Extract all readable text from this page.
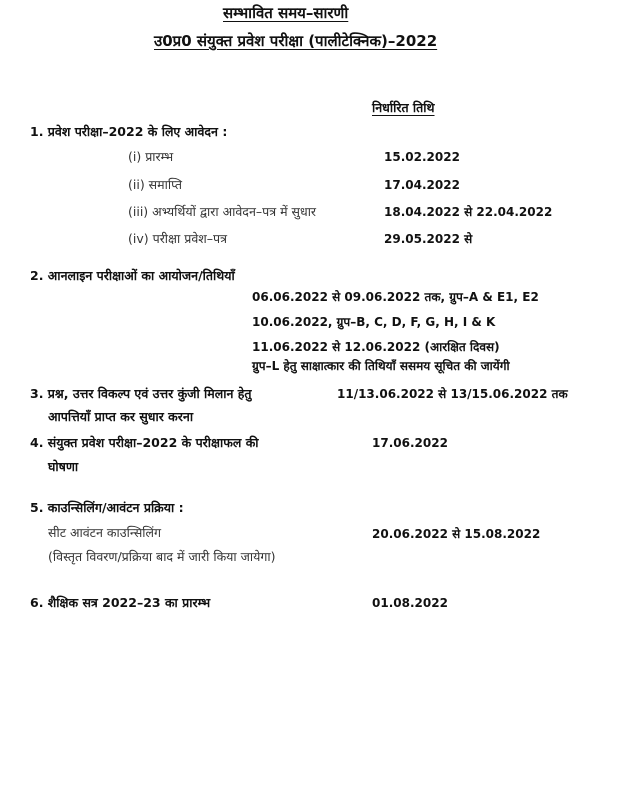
सम्भावित समय–सारणी
उ0प्र0 संयुक्त प्रवेश परीक्षा (पालीटेक्निक)–2022
निर्धारित तिथि
1. प्रवेश परीक्षा–2022 के लिए आवेदन :
(i) प्रारम्भ	15.02.2022
(ii) समाप्ति	17.04.2022
(iii) अभ्यर्थियों द्वारा आवेदन–पत्र में सुधार	18.04.2022 से 22.04.2022
(iv) परीक्षा प्रवेश–पत्र	29.05.2022 से
2. आनलाइन परीक्षाओं का आयोजन/तिथियाँ
06.06.2022 से 09.06.2022 तक, ग्रुप–A & E1, E2
10.06.2022, ग्रुप–B, C, D, F, G, H, I & K
11.06.2022 से 12.06.2022 (आरक्षित दिवस)
ग्रुप–L हेतु साक्षात्कार की तिथियाँ ससमय सूचित की जायेंगी
3. प्रश्न, उत्तर विकल्प एवं उत्तर कुंजी मिलान हेतु	11/13.06.2022 से 13/15.06.2022 तक
आपत्तियाँ प्राप्त कर सुधार करना
4. संयुक्त प्रवेश परीक्षा–2022 के परीक्षाफल की	17.06.2022
घोषणा
5. काउन्सिलिंग/आवंटन प्रक्रिया :
सीट आवंटन काउन्सिलिंग	20.06.2022 से 15.08.2022
(विस्तृत विवरण/प्रक्रिया बाद में जारी किया जायेगा)
6. शैक्षिक सत्र 2022–23 का प्रारम्भ	01.08.2022
